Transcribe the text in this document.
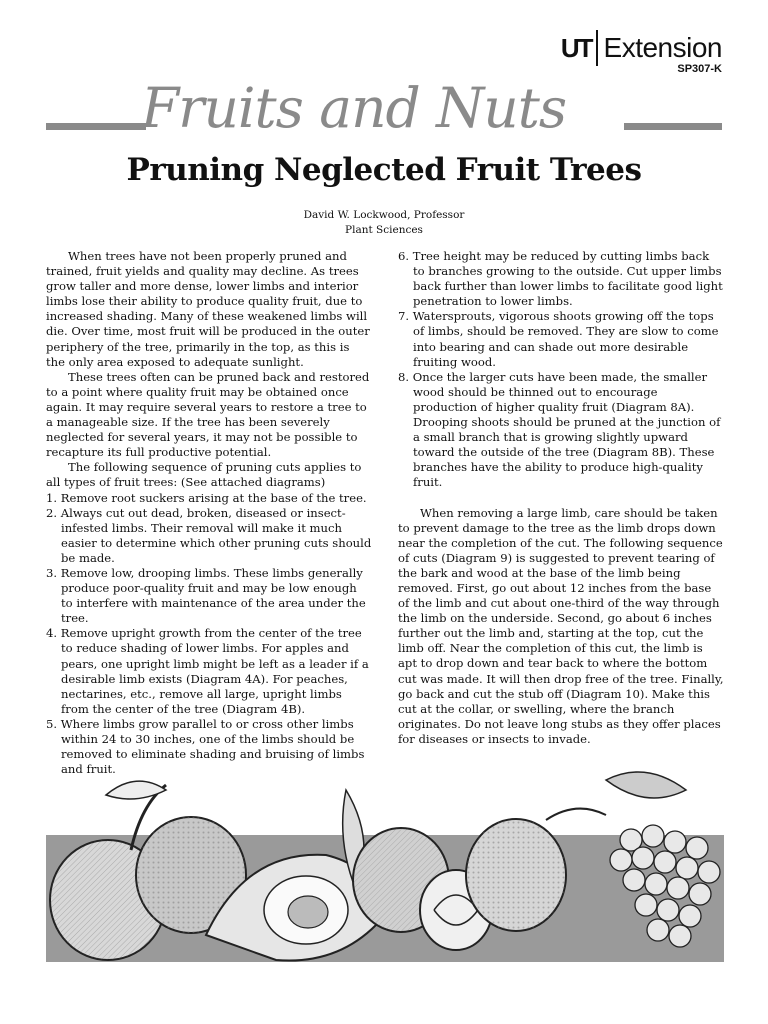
UT Extension
SP307-K
Fruits and Nuts
Pruning Neglected Fruit Trees
David W. Lockwood, Professor
Plant Sciences

When trees have not been properly pruned and trained, fruit yields and quality may decline. As trees grow taller and more dense, lower limbs and interior limbs lose their ability to produce quality fruit, due to increased shading. Many of these weakened limbs will die. Over time, most fruit will be produced in the outer periphery of the tree, primarily in the top, as this is the only area exposed to adequate sunlight.

These trees often can be pruned back and restored to a point where quality fruit may be obtained once again. It may require several years to restore a tree to a manageable size. If the tree has been severely neglected for several years, it may not be possible to recapture its full productive potential.

The following sequence of pruning cuts applies to all types of fruit trees: (See attached diagrams)

1. Remove root suckers arising at the base of the tree.

2. Always cut out dead, broken, diseased or insect-infested limbs. Their removal will make it much easier to determine which other pruning cuts should be made.

3. Remove low, drooping limbs. These limbs generally produce poor-quality fruit and may be low enough to interfere with maintenance of the area under the tree.

4. Remove upright growth from the center of the tree to reduce shading of lower limbs. For apples and pears, one upright limb might be left as a leader if a desirable limb exists (Diagram 4A). For peaches, nectarines, etc., remove all large, upright limbs from the center of the tree (Diagram 4B).

5. Where limbs grow parallel to or cross other limbs within 24 to 30 inches, one of the limbs should be removed to eliminate shading and bruising of limbs and fruit.

6. Tree height may be reduced by cutting limbs back to branches growing to the outside. Cut upper limbs back further than lower limbs to facilitate good light penetration to lower limbs.

7. Watersprouts, vigorous shoots growing off the tops of limbs, should be removed. They are slow to come into bearing and can shade out more desirable fruiting wood.

8. Once the larger cuts have been made, the smaller wood should be thinned out to encourage production of higher quality fruit (Diagram 8A). Drooping shoots should be pruned at the junction of a small branch that is growing slightly upward toward the outside of the tree (Diagram 8B). These branches have the ability to produce high-quality fruit.

When removing a large limb, care should be taken to prevent damage to the tree as the limb drops down near the completion of the cut. The following sequence of cuts (Diagram 9) is suggested to prevent tearing of the bark and wood at the base of the limb being removed. First, go out about 12 inches from the base of the limb and cut about one-third of the way through the limb on the underside. Second, go about 6 inches further out the limb and, starting at the top, cut the limb off. Near the completion of this cut, the limb is apt to drop down and tear back to where the bottom cut was made. It will then drop free of the tree. Finally, go back and cut the stub off (Diagram 10). Make this cut at the collar, or swelling, where the branch originates. Do not leave long stubs as they offer places for diseases or insects to invade.
